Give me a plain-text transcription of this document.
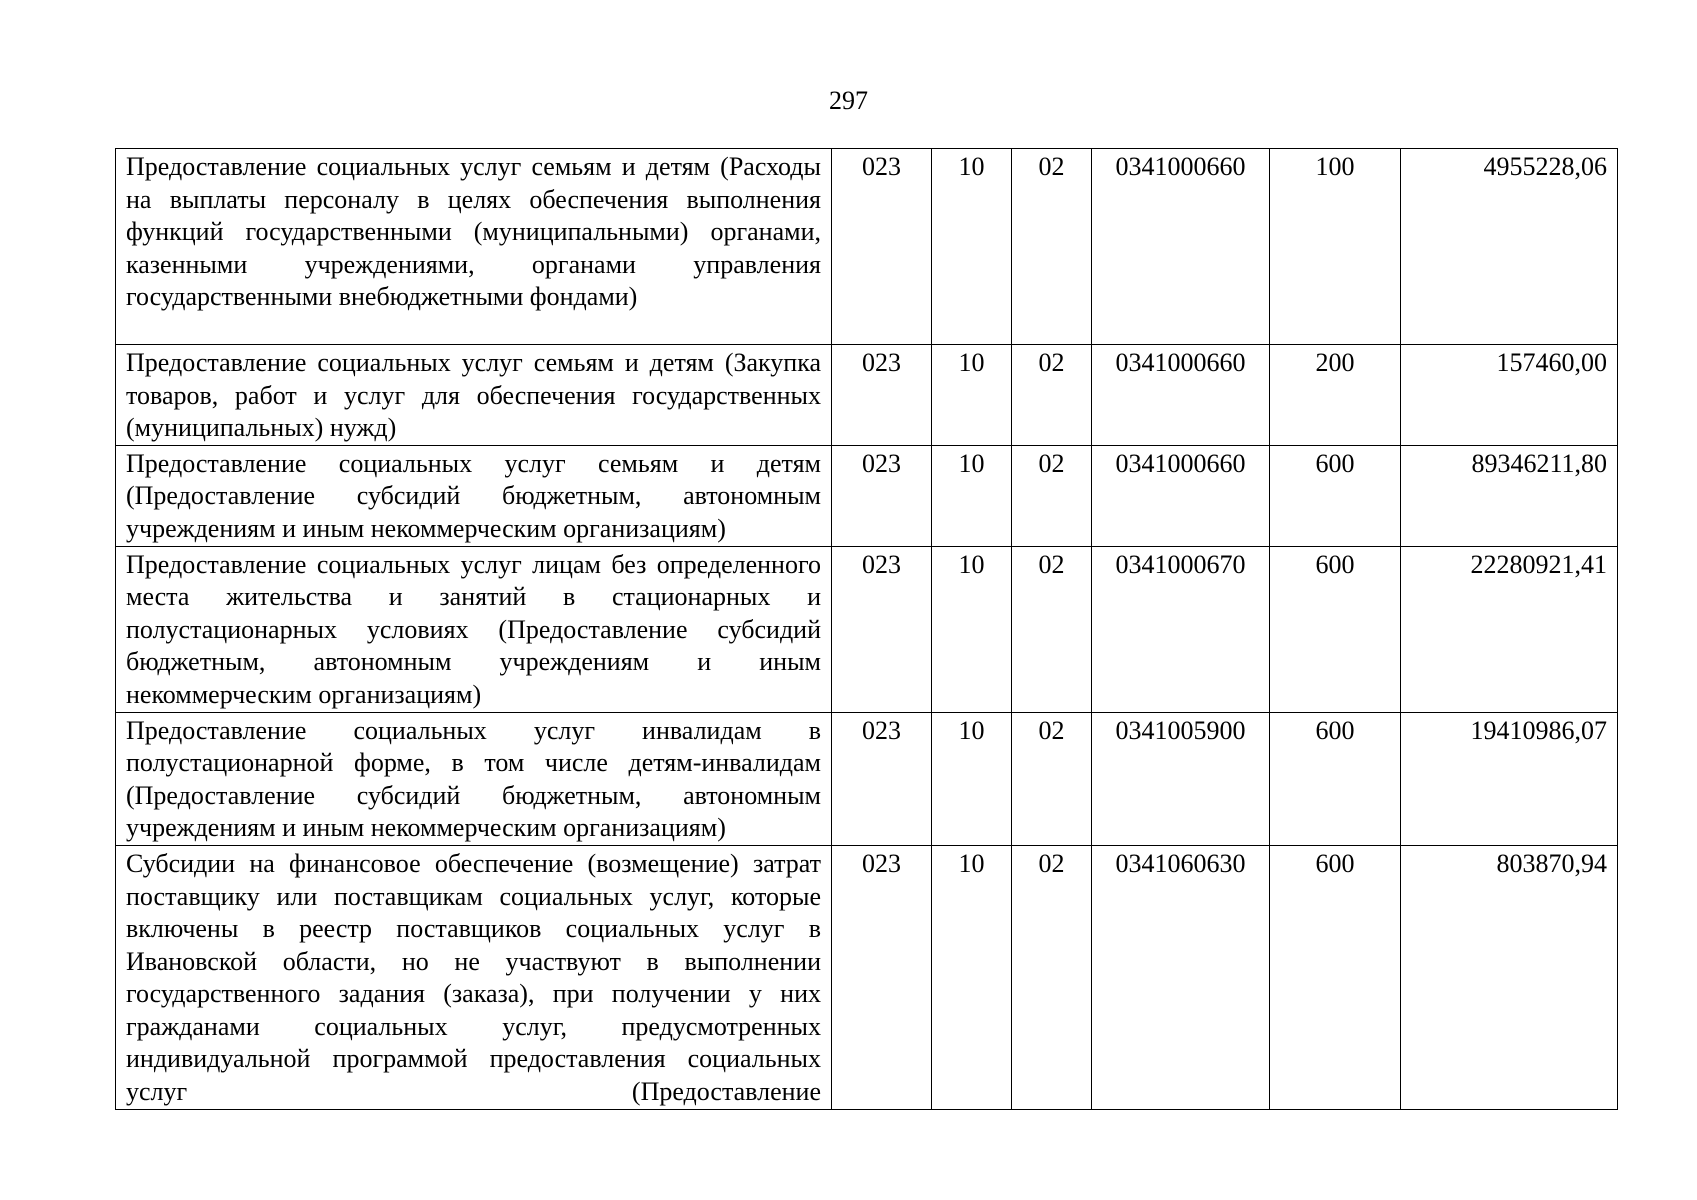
297
Предоставление социальных услуг семьям и детям (Расходы на выплаты персоналу в целях обеспечения выполнения функций государственными (муниципальными) органами, казенными учреждениями, органами управления государственными внебюджетными фондами)	023	10	02	0341000660	100	4955228,06
Предоставление социальных услуг семьям и детям (Закупка товаров, работ и услуг для обеспечения государственных (муниципальных) нужд)	023	10	02	0341000660	200	157460,00
Предоставление социальных услуг семьям и детям (Предоставление субсидий бюджетным, автономным учреждениям и иным некоммерческим организациям)	023	10	02	0341000660	600	89346211,80
Предоставление социальных услуг лицам без определенного места жительства и занятий в стационарных и полустационарных условиях (Предоставление субсидий бюджетным, автономным учреждениям и иным некоммерческим организациям)	023	10	02	0341000670	600	22280921,41
Предоставление социальных услуг инвалидам в полустационарной форме, в том числе детям-инвалидам (Предоставление субсидий бюджетным, автономным учреждениям и иным некоммерческим организациям)	023	10	02	0341005900	600	19410986,07
Субсидии на финансовое обеспечение (возмещение) затрат поставщику или поставщикам социальных услуг, которые включены в реестр поставщиков социальных услуг в Ивановской области, но не участвуют в выполнении государственного задания (заказа), при получении у них гражданами социальных услуг, предусмотренных индивидуальной программой предоставления социальных услуг (Предоставление	023	10	02	0341060630	600	803870,94
